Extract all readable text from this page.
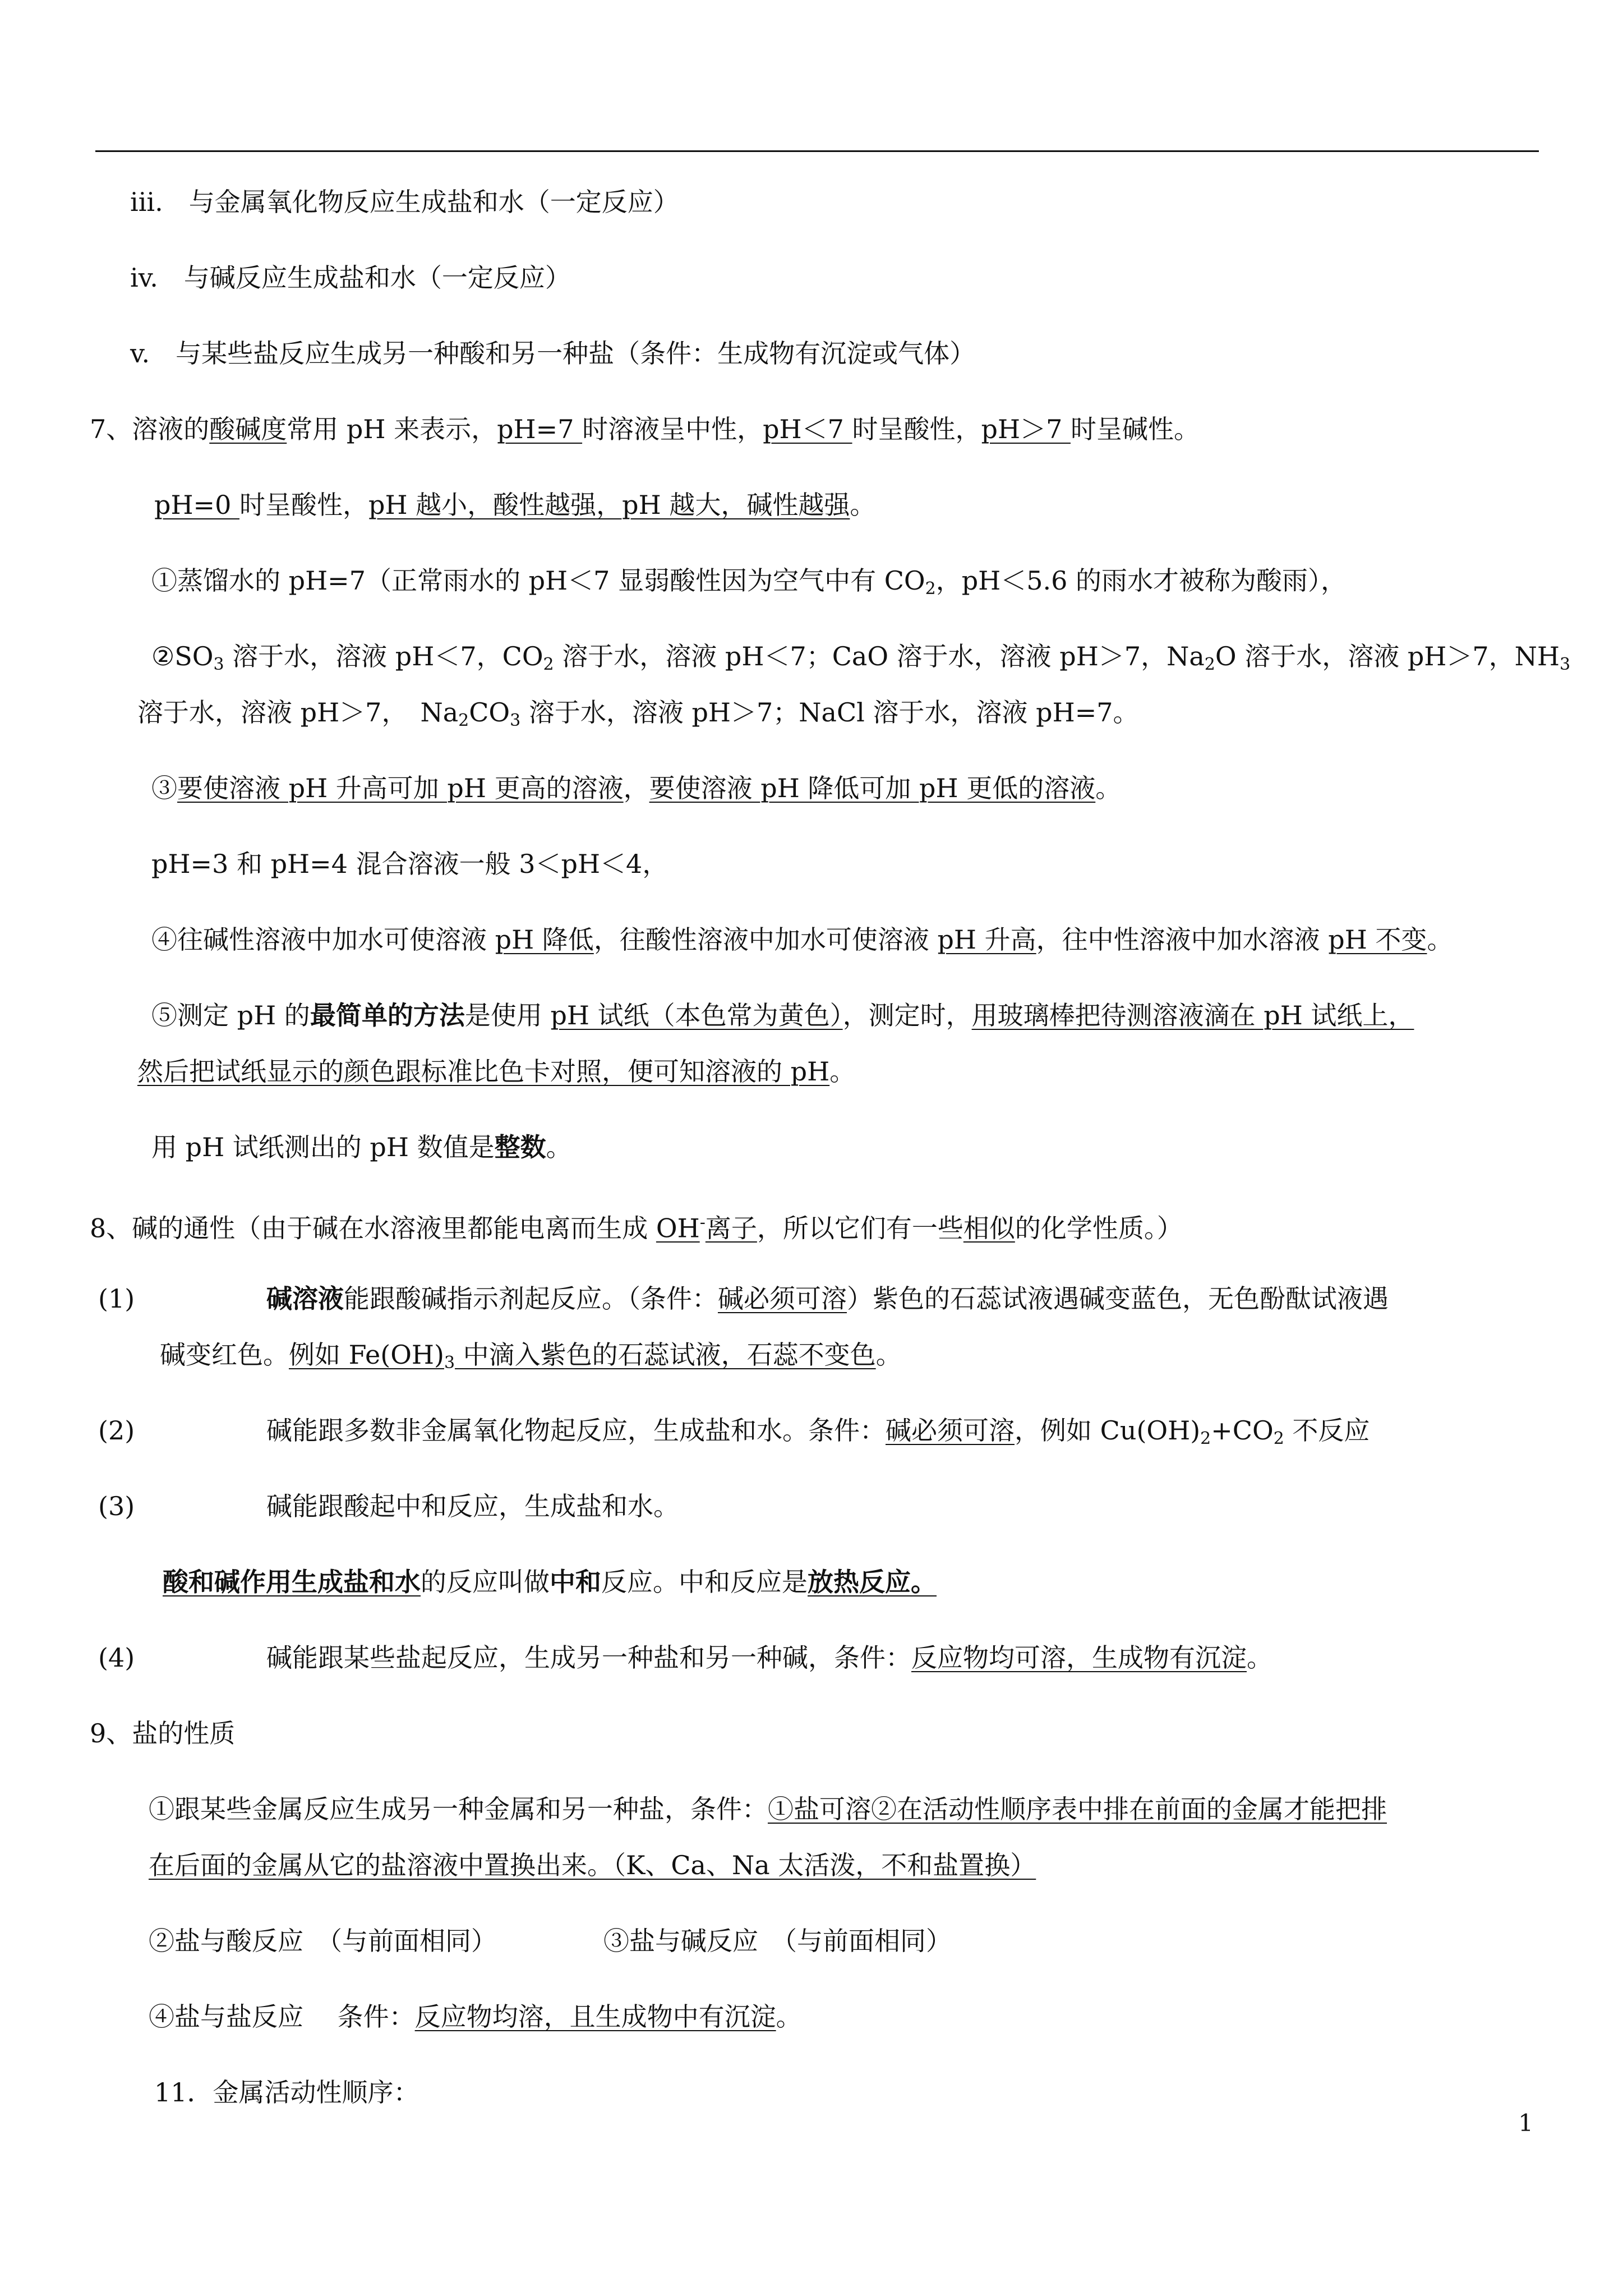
iii.　与金属氧化物反应生成盐和水（一定反应）
iv.　与碱反应生成盐和水（一定反应）
v.　与某些盐反应生成另一种酸和另一种盐（条件：生成物有沉淀或气体）
7、溶液的酸碱度常用 pH 来表示，pH=7 时溶液呈中性，pH＜7 时呈酸性，pH＞7 时呈碱性。
pH=0 时呈酸性，pH 越小，酸性越强，pH 越大，碱性越强。
①蒸馏水的 pH=7（正常雨水的 pH＜7 显弱酸性因为空气中有 $CO_2$，pH＜5.6 的雨水才被称为酸雨），
$②SO_3$ 溶于水，溶液 pH＜7，$CO_2$ 溶于水，溶液 pH＜7；CaO 溶于水，溶液 pH＞7，$Na_2O$ 溶于水，溶液 pH＞7，$NH_3$
溶于水，溶液 pH＞7，　$Na_2CO_3$ 溶于水，溶液 pH＞7；NaCl 溶于水，溶液 pH=7。
③要使溶液 pH 升高可加 pH 更高的溶液，要使溶液 pH 降低可加 pH 更低的溶液。
pH=3 和 pH=4 混合溶液一般 3＜pH＜4，
④往碱性溶液中加水可使溶液 pH 降低，往酸性溶液中加水可使溶液 pH 升高，往中性溶液中加水溶液 pH 不变。
⑤测定 pH 的最简单的方法是使用 pH 试纸（本色常为黄色），测定时，用玻璃棒把待测溶液滴在 pH 试纸上，
然后把试纸显示的颜色跟标准比色卡对照，便可知溶液的 pH。
用 pH 试纸测出的 pH 数值是整数。
8、碱的通性（由于碱在水溶液里都能电离而生成 OH-离子，所以它们有一些相似的化学性质。）
(1)	碱溶液能跟酸碱指示剂起反应。（条件：碱必须可溶）紫色的石蕊试液遇碱变蓝色，无色酚酞试液遇
碱变红色。例如 $Fe(OH)_3$ 中滴入紫色的石蕊试液，石蕊不变色。
(2)	碱能跟多数非金属氧化物起反应，生成盐和水。条件：碱必须可溶，例如 $Cu(OH)_2+CO_2$ 不反应
(3)	碱能跟酸起中和反应，生成盐和水。
酸和碱作用生成盐和水的反应叫做中和反应。中和反应是放热反应。
(4)	碱能跟某些盐起反应，生成另一种盐和另一种碱，条件：反应物均可溶，生成物有沉淀。
9、盐的性质
①跟某些金属反应生成另一种金属和另一种盐，条件：①盐可溶②在活动性顺序表中排在前面的金属才能把排
在后面的金属从它的盐溶液中置换出来。（K、Ca、Na 太活泼，不和盐置换）
②盐与酸反应　（与前面相同）	③盐与碱反应　（与前面相同）
④盐与盐反应　 条件：反应物均溶，且生成物中有沉淀。
11．金属活动性顺序：
1
